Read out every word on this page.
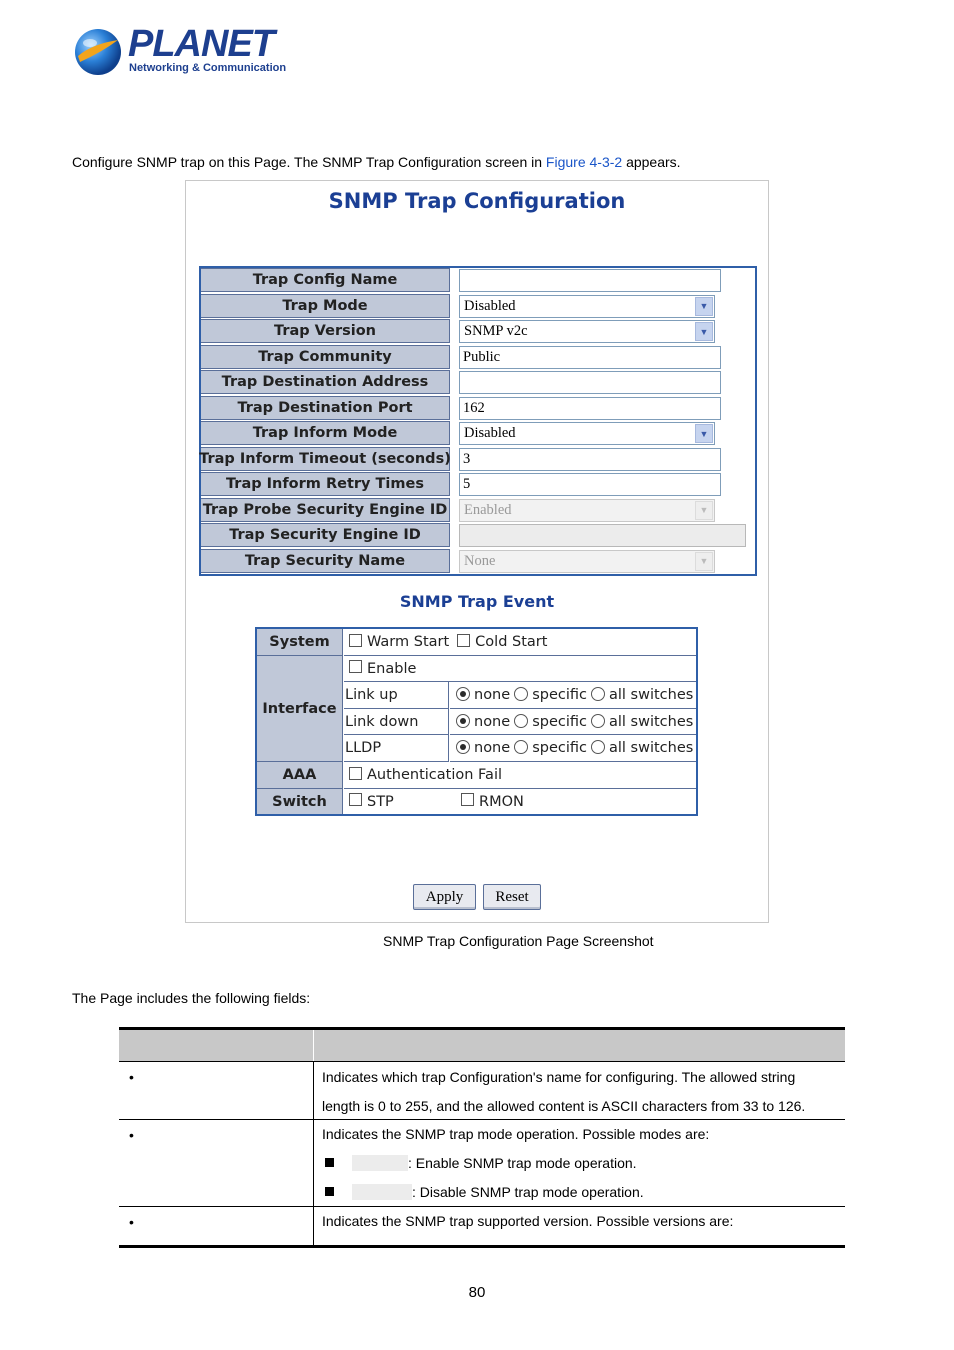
PLANET
Networking & Communication

Configure SNMP trap on this Page. The SNMP Trap Configuration screen in Figure 4-3-2 appears.

SNMP Trap Configuration
Trap Config Name
Trap Mode	Disabled	▼
Trap Version	SNMP v2c	▼
Trap Community	Public
Trap Destination Address
Trap Destination Port	162
Trap Inform Mode	Disabled	▼
Trap Inform Timeout (seconds) 3
Trap Inform Retry Times	5
Trap Probe Security Engine ID	Enabled	▼
Trap Security Engine ID
Trap Security Name	None	▼
SNMP Trap Event
System	Warm Start Cold Start
Interface
Enable
Link up	none specific all switches
Link down	none specific all switches
LLDP	none specific all switches
AAA	Authentication Fail
Switch	STP	RMON
Apply	Reset
SNMP Trap Configuration Page Screenshot
The Page includes the following fields:
•	Indicates which trap Configuration's name for configuring. The allowed string
length is 0 to 255, and the allowed content is ASCII characters from 33 to 126.
•	Indicates the SNMP trap mode operation. Possible modes are:
: Enable SNMP trap mode operation.
: Disable SNMP trap mode operation.
•	Indicates the SNMP trap supported version. Possible versions are:
80
